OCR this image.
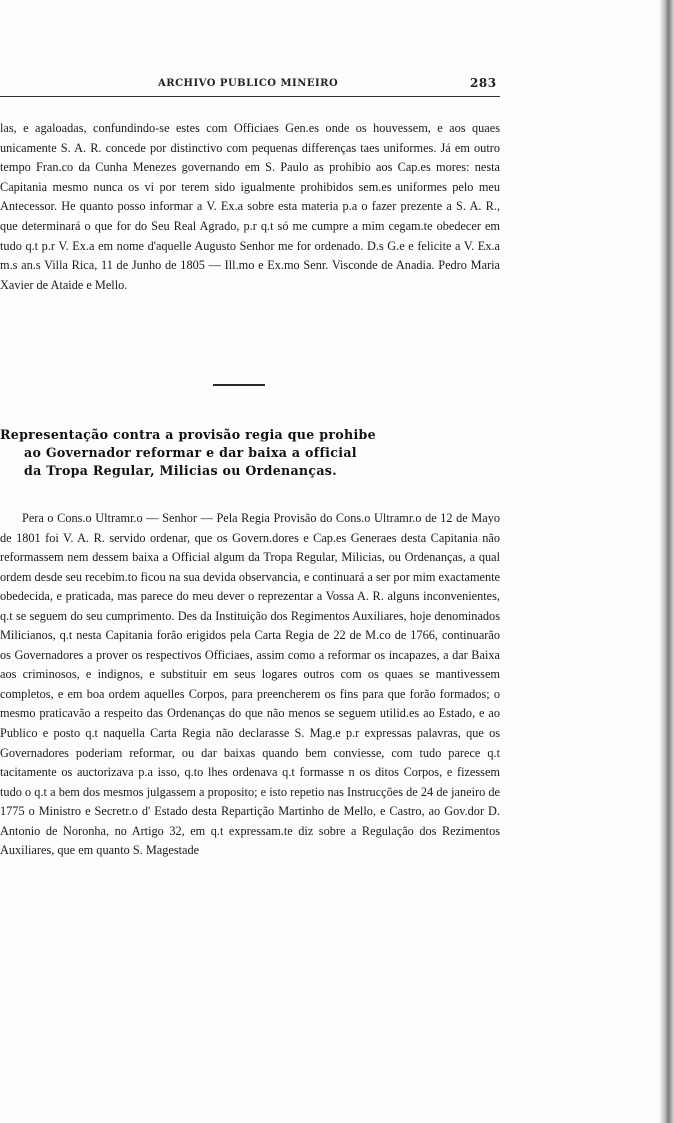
ARCHIVO PUBLICO MINEIRO	283

las, e agaloadas, confundindo-se estes com Officiaes Gen.es onde os houvessem, e aos quaes unicamente S. A. R. concede por distinctivo com pequenas differenças taes uniformes. Já em outro tempo Fran.co da Cunha Menezes governando em S. Paulo as prohibio aos Cap.es mores: nesta Capitania mesmo nunca os vi por terem sido igualmente prohibidos sem.es uniformes pelo meu Antecessor. He quanto posso informar a V. Ex.a sobre esta materia p.a o fazer prezente a S. A. R., que determinará o que for do Seu Real Agrado, p.r q.t só me cumpre a mim cegam.te obedecer em tudo q.t p.r V. Ex.a em nome d'aquelle Augusto Senhor me for ordenado. D.s G.e e felicite a V. Ex.a m.s an.s Villa Rica, 11 de Junho de 1805 — Ill.mo e Ex.mo Senr. Visconde de Anadia. Pedro Maria Xavier de Ataide e Mello.

Representação contra a provisão regia que prohibe
ao Governador reformar e dar baixa a official
da Tropa Regular, Milicias ou Ordenanças.

Pera o Cons.o Ultramr.o — Senhor — Pela Regia Provisão do Cons.o Ultramr.o de 12 de Mayo de 1801 foi V. A. R. servido ordenar, que os Govern.dores e Cap.es Generaes desta Capitania não reformassem nem dessem baixa a Official algum da Tropa Regular, Milicias, ou Ordenanças, a qual ordem desde seu recebim.to ficou na sua devida observancia, e continuará a ser por mim exactamente obedecida, e praticada, mas parece do meu dever o reprezentar a Vossa A. R. alguns inconvenientes, q.t se seguem do seu cumprimento. Des da Instituição dos Regimentos Auxiliares, hoje denominados Milicianos, q.t nesta Capitania forão erigidos pela Carta Regia de 22 de M.co de 1766, continuarão os Governadores a prover os respectivos Officiaes, assim como a reformar os incapazes, a dar Baixa aos criminosos, e indignos, e substituir em seus logares outros com os quaes se mantivessem completos, e em boa ordem aquelles Corpos, para preencherem os fins para que forão formados; o mesmo praticavão a respeito das Ordenanças do que não menos se seguem utilid.es ao Estado, e ao Publico e posto q.t naquella Carta Regia não declarasse S. Mag.e p.r expressas palavras, que os Governadores poderiam reformar, ou dar baixas quando bem conviesse, com tudo parece q.t tacitamente os auctorizava p.a isso, q.to lhes ordenava q.t formasse n os ditos Corpos, e fizessem tudo o q.t a bem dos mesmos julgassem a proposito; e isto repetio nas Instrucções de 24 de janeiro de 1775 o Ministro e Secretr.o d' Estado desta Repartição Martinho de Mello, e Castro, ao Gov.dor D. Antonio de Noronha, no Artigo 32, em q.t expressam.te diz sobre a Regulação dos Rezimentos Auxiliares, que em quanto S. Magestade
